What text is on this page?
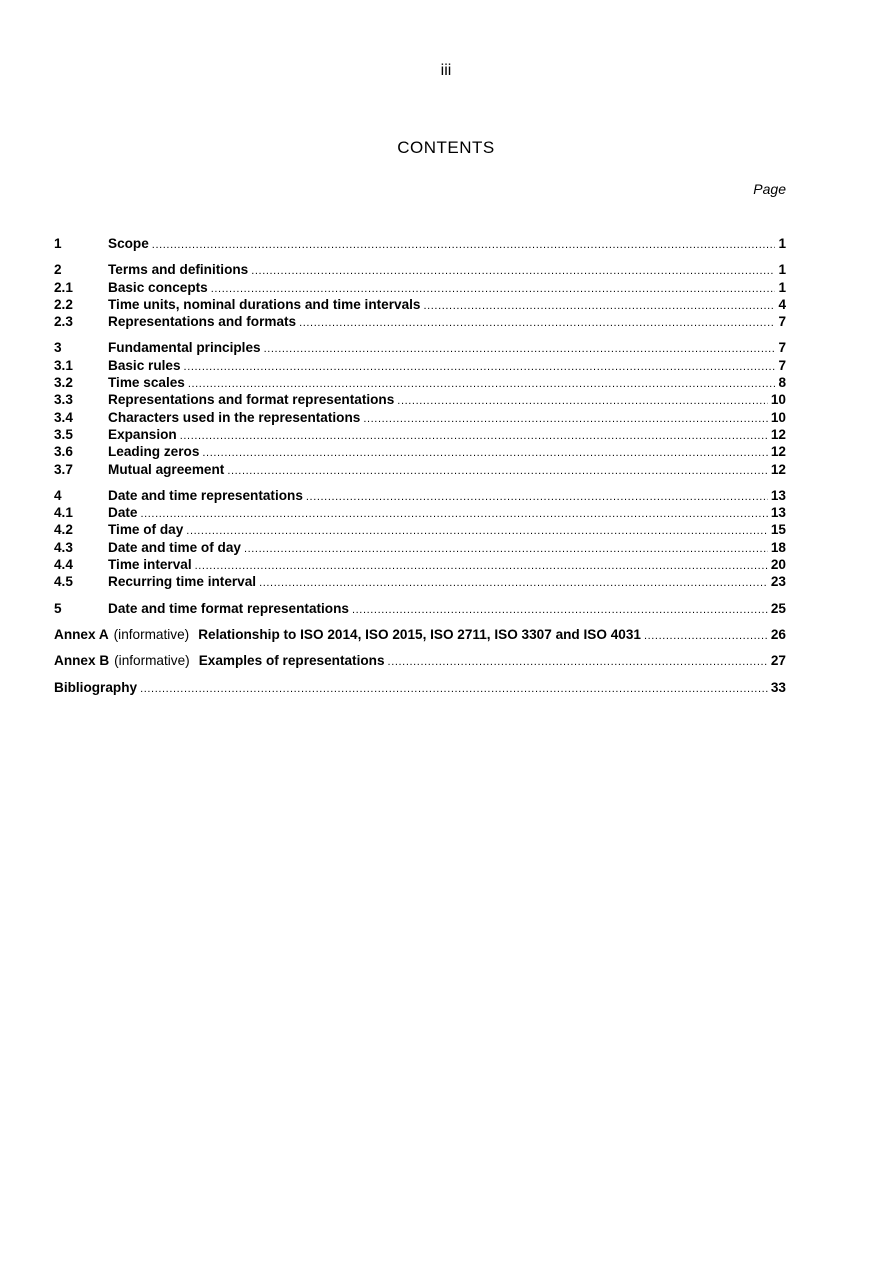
iii
CONTENTS
Page
1	Scope .....	1
2	Terms and definitions .....	1
2.1	Basic concepts .....	1
2.2	Time units, nominal durations and time intervals .....	4
2.3	Representations and formats .....	7
3	Fundamental principles .....	7
3.1	Basic rules .....	7
3.2	Time scales .....	8
3.3	Representations and format representations .....	10
3.4	Characters used in the representations .....	10
3.5	Expansion .....	12
3.6	Leading zeros .....	12
3.7	Mutual agreement .....	12
4	Date and time representations .....	13
4.1	Date .....	13
4.2	Time of day .....	15
4.3	Date and time of day .....	18
4.4	Time interval .....	20
4.5	Recurring time interval .....	23
5	Date and time format representations .....	25
Annex A (informative) Relationship to ISO 2014, ISO 2015, ISO 2711, ISO 3307 and ISO 4031 .....	26
Annex B (informative) Examples of representations .....	27
Bibliography .....	33
